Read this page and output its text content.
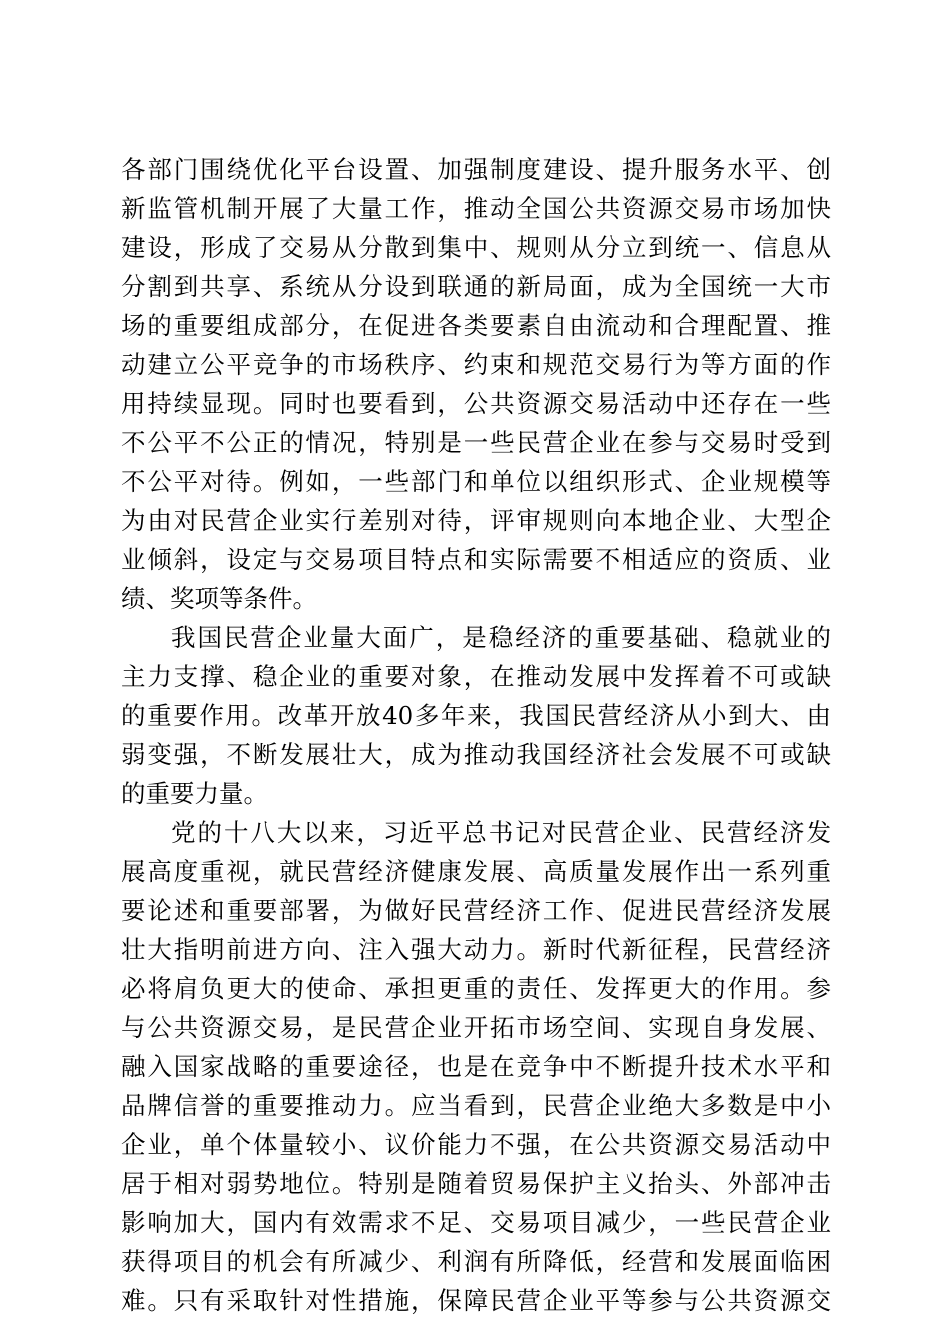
各部门围绕优化平台设置、加强制度建设、提升服务水平、创
新监管机制开展了大量工作，推动全国公共资源交易市场加快
建设，形成了交易从分散到集中、规则从分立到统一、信息从
分割到共享、系统从分设到联通的新局面，成为全国统一大市
场的重要组成部分，在促进各类要素自由流动和合理配置、推
动建立公平竞争的市场秩序、约束和规范交易行为等方面的作
用持续显现。同时也要看到，公共资源交易活动中还存在一些
不公平不公正的情况，特别是一些民营企业在参与交易时受到
不公平对待。例如，一些部门和单位以组织形式、企业规模等
为由对民营企业实行差别对待，评审规则向本地企业、大型企
业倾斜，设定与交易项目特点和实际需要不相适应的资质、业
绩、奖项等条件。
我国民营企业量大面广，是稳经济的重要基础、稳就业的
主力支撑、稳企业的重要对象，在推动发展中发挥着不可或缺
的重要作用。改革开放40多年来，我国民营经济从小到大、由
弱变强，不断发展壮大，成为推动我国经济社会发展不可或缺
的重要力量。
党的十八大以来，习近平总书记对民营企业、民营经济发
展高度重视，就民营经济健康发展、高质量发展作出一系列重
要论述和重要部署，为做好民营经济工作、促进民营经济发展
壮大指明前进方向、注入强大动力。新时代新征程，民营经济
必将肩负更大的使命、承担更重的责任、发挥更大的作用。参
与公共资源交易，是民营企业开拓市场空间、实现自身发展、
融入国家战略的重要途径，也是在竞争中不断提升技术水平和
品牌信誉的重要推动力。应当看到，民营企业绝大多数是中小
企业，单个体量较小、议价能力不强，在公共资源交易活动中
居于相对弱势地位。特别是随着贸易保护主义抬头、外部冲击
影响加大，国内有效需求不足、交易项目减少，一些民营企业
获得项目的机会有所减少、利润有所降低，经营和发展面临困
难。只有采取针对性措施，保障民营企业平等参与公共资源交
